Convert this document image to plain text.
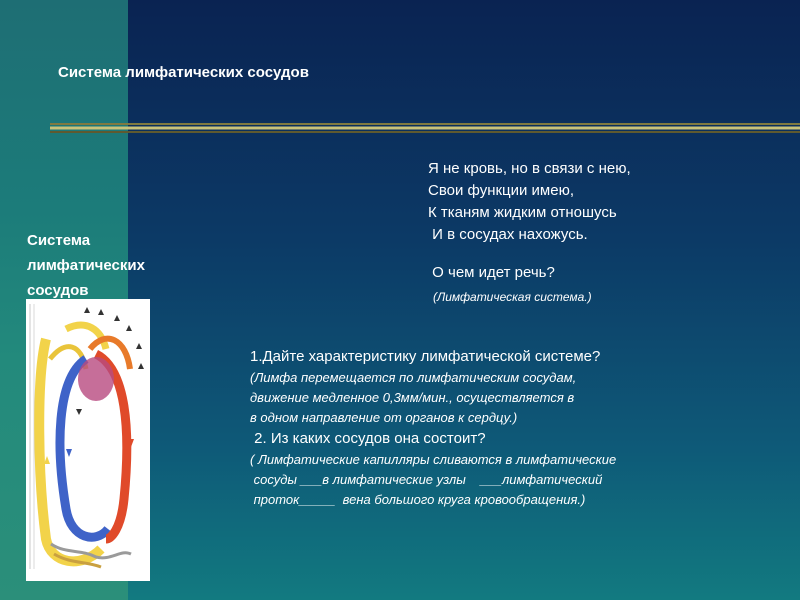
Система лимфатических сосудов
Система
лимфатических
сосудов
Я не кровь, но в связи с нею,
Свои функции имею,
К тканям жидким отношусь
И в сосудах нахожусь.
О чем идет речь?
(Лимфатическая система.)
1.Дайте характеристику лимфатической системе?
(Лимфа перемещается по лимфатическим сосудам,
движение медленное 0,3мм/мин., осуществляется в
в одном направление от органов к сердцу.)
2. Из каких сосудов она состоит?
( Лимфатические капилляры сливаются в лимфатические
сосуды ___в лимфатические узлы    ___лимфатический
проток_____  вена большого круга кровообращения.)
